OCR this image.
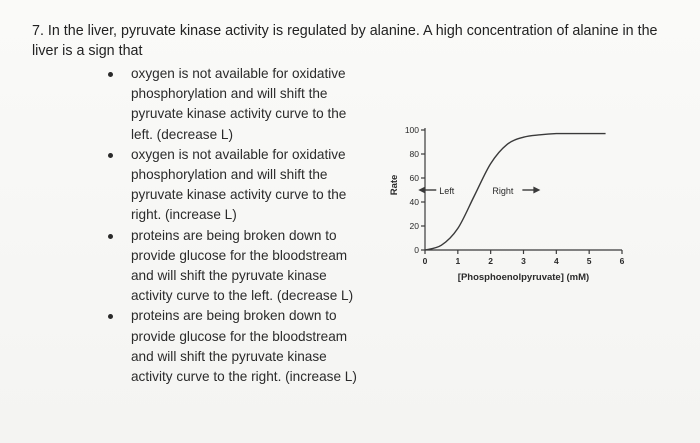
7. In the liver, pyruvate kinase activity is regulated by alanine. A high concentration of alanine in the liver is a sign that
oxygen is not available for oxidative phosphorylation and will shift the pyruvate kinase activity curve to the left. (decrease L)
oxygen is not available for oxidative phosphorylation and will shift the pyruvate kinase activity curve to the right. (increase L)
proteins are being broken down to provide glucose for the bloodstream and will shift the pyruvate kinase activity curve to the left. (decrease L)
proteins are being broken down to provide glucose for the bloodstream and will shift the pyruvate kinase activity curve to the right. (increase L)
0
20
40
60
80
100
0	1	2	3	4	5	6
Rate
[Phosphoenolpyruvate] (mM)
Left	Right
